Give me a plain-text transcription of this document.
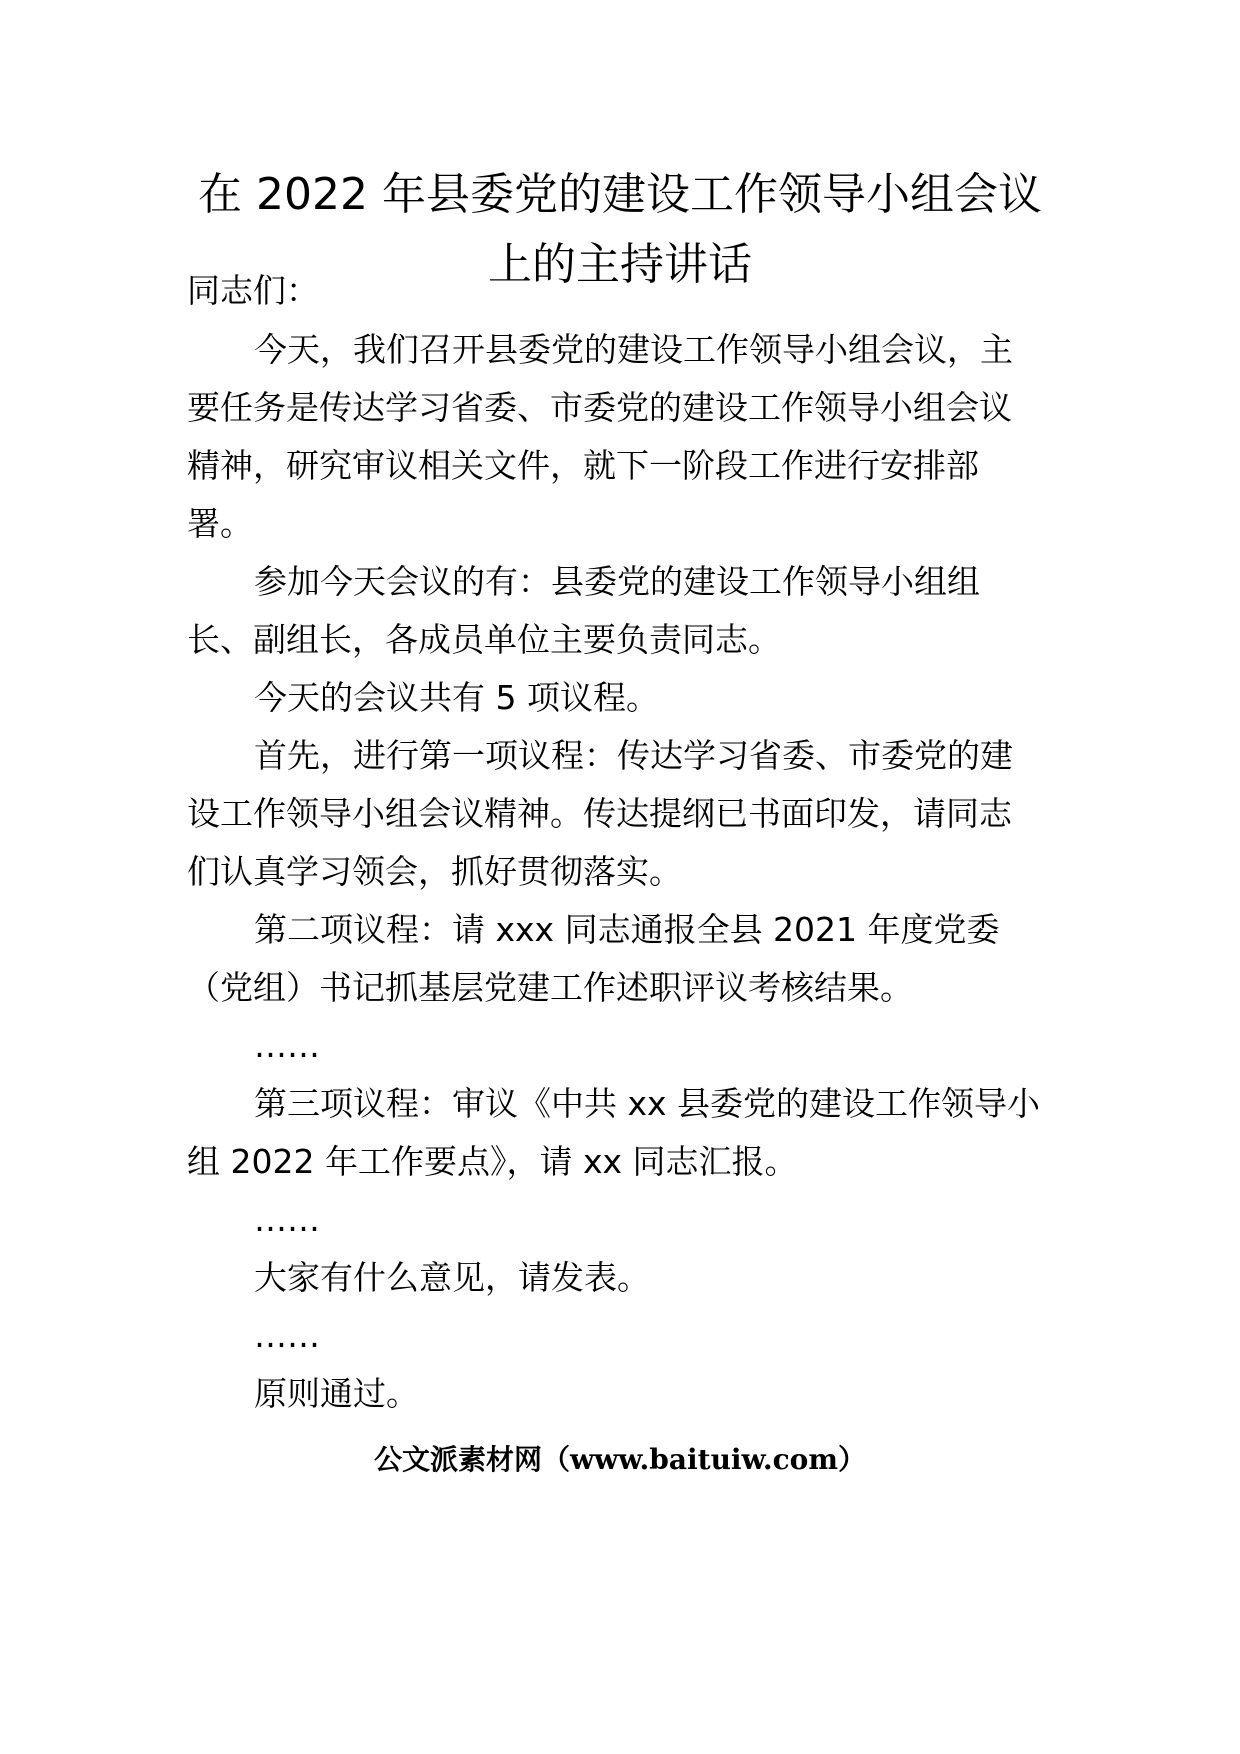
在 2022 年县委党的建设工作领导小组会议
上的主持讲话
同志们：
今天，我们召开县委党的建设工作领导小组会议，主
要任务是传达学习省委、市委党的建设工作领导小组会议
精神，研究审议相关文件，就下一阶段工作进行安排部
署。
参加今天会议的有：县委党的建设工作领导小组组
长、副组长，各成员单位主要负责同志。
今天的会议共有 5 项议程。
首先，进行第一项议程：传达学习省委、市委党的建
设工作领导小组会议精神。传达提纲已书面印发，请同志
们认真学习领会，抓好贯彻落实。
第二项议程：请 xxx 同志通报全县 2021 年度党委
（党组）书记抓基层党建工作述职评议考核结果。
……
第三项议程：审议《中共 xx 县委党的建设工作领导小
组 2022 年工作要点》，请 xx 同志汇报。
……
大家有什么意见，请发表。
……
原则通过。
公文派素材网（www.baituiw.com）
